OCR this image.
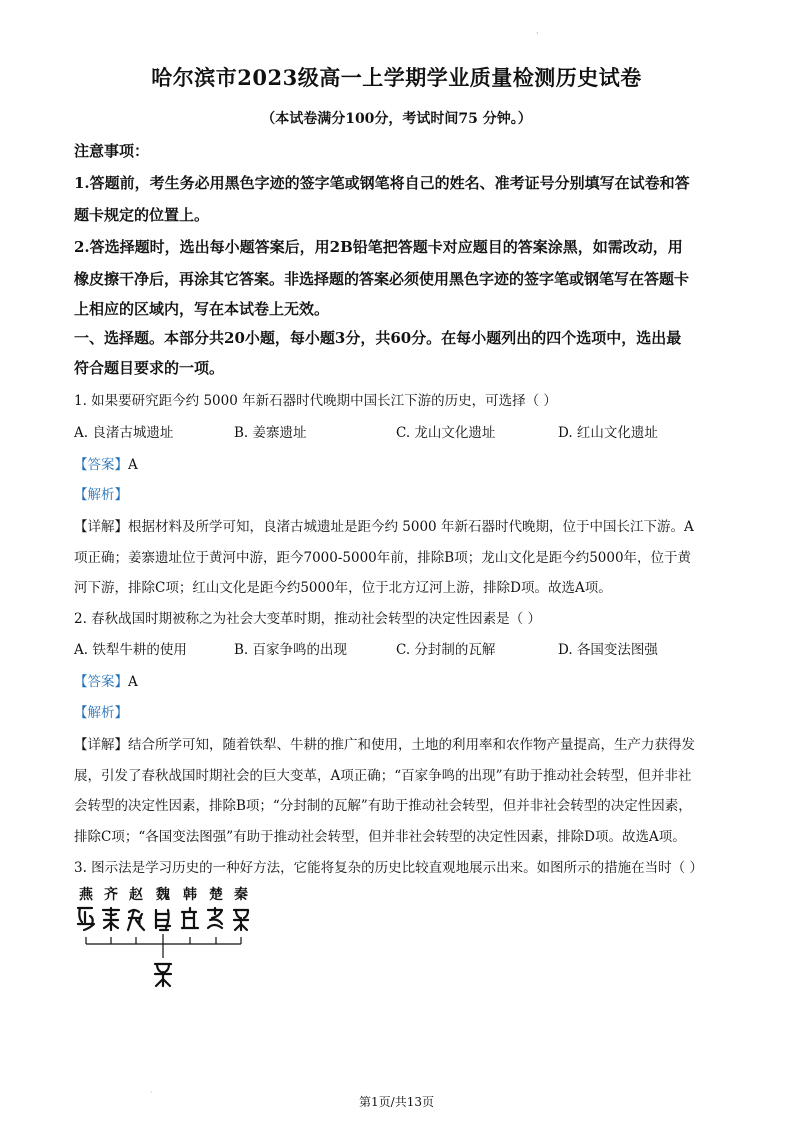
·
哈尔滨市2023级高一上学期学业质量检测历史试卷
（本试卷满分100分，考试时间75 分钟。）
注意事项：
1.答题前，考生务必用黑色字迹的签字笔或钢笔将自己的姓名、准考证号分别填写在试卷和答
题卡规定的位置上。
2.答选择题时，选出每小题答案后，用2B铅笔把答题卡对应题目的答案涂黑，如需改动，用
橡皮擦干净后，再涂其它答案。非选择题的答案必须使用黑色字迹的签字笔或钢笔写在答题卡
上相应的区域内，写在本试卷上无效。
一、选择题。本部分共20小题，每小题3分，共60分。在每小题列出的四个选项中，选出最
符合题目要求的一项。
1. 如果要研究距今约 5000 年新石器时代晚期中国长江下游的历史，可选择（ ）
A. 良渚古城遗址	B. 姜寨遗址	C. 龙山文化遗址	D. 红山文化遗址
【答案】A
【解析】
【详解】根据材料及所学可知，良渚古城遗址是距今约 5000 年新石器时代晚期，位于中国长江下游。A
项正确；姜寨遗址位于黄河中游，距今7000-5000年前，排除B项；龙山文化是距今约5000年，位于黄
河下游，排除C项；红山文化是距今约5000年，位于北方辽河上游，排除D项。故选A项。
2. 春秋战国时期被称之为社会大变革时期，推动社会转型的决定性因素是（ ）
A. 铁犁牛耕的使用	B. 百家争鸣的出现	C. 分封制的瓦解	D. 各国变法图强
【答案】A
【解析】
【详解】结合所学可知，随着铁犁、牛耕的推广和使用，土地的利用率和农作物产量提高，生产力获得发
展，引发了春秋战国时期社会的巨大变革，A项正确；“百家争鸣的出现”有助于推动社会转型，但并非社
会转型的决定性因素，排除B项；“分封制的瓦解”有助于推动社会转型，但并非社会转型的决定性因素，
排除C项；“各国变法图强”有助于推动社会转型，但并非社会转型的决定性因素，排除D项。故选A项。
3. 图示法是学习历史的一种好方法，它能将复杂的历史比较直观地展示出来。如图所示的措施在当时（ ）
燕 齐 赵 魏 韩 楚 秦
·
第1页/共13页
